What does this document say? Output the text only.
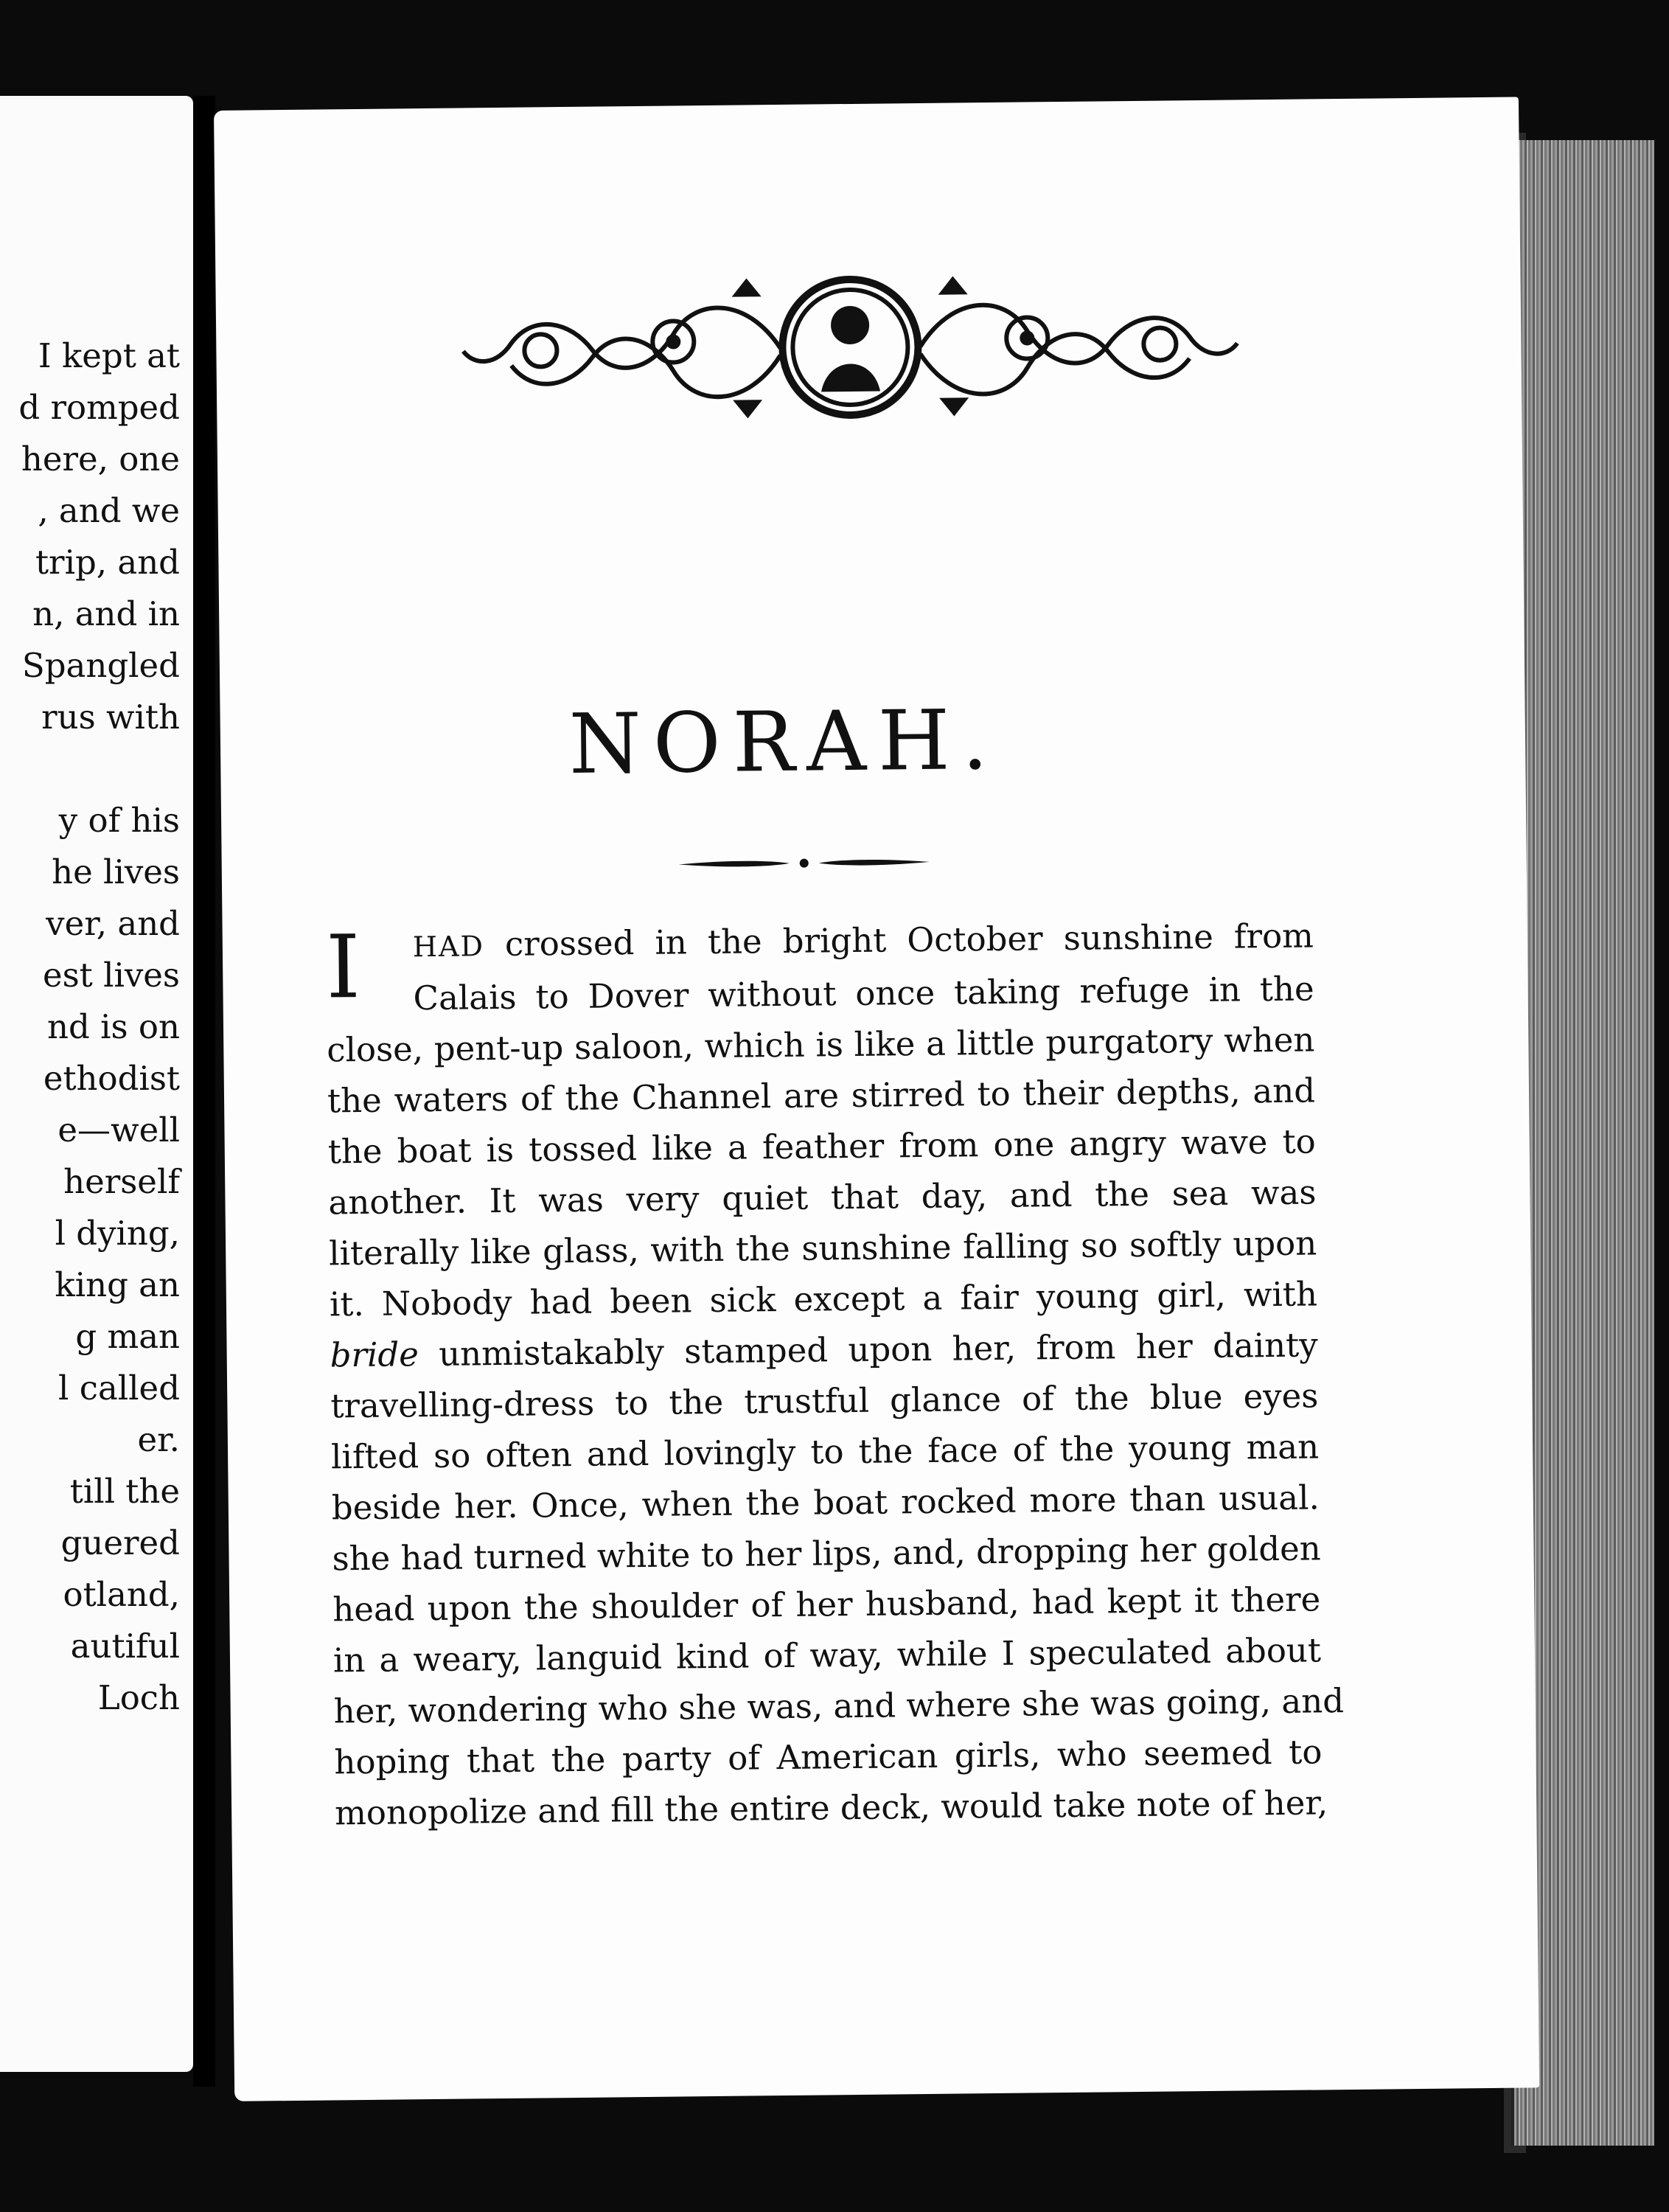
I kept at
d romped
here, one
, and we
trip, and
n, and in
Spangled
rus with
y of his
he lives
ver, and
est lives
nd is on
ethodist
e—well
herself
l dying,
king an
g man
l called
er.
till the
guered
otland,
autiful
Loch
NORAH.
I	HAD crossed in the bright October sunshine from
Calais to Dover without once taking refuge in the
close, pent-up saloon, which is like a little purgatory when
the waters of the Channel are stirred to their depths, and
the boat is tossed like a feather from one angry wave to
another. It was very quiet that day, and the sea was
literally like glass, with the sunshine falling so softly upon
it. Nobody had been sick except a fair young girl, with
bride unmistakably stamped upon her, from her dainty
travelling-dress to the trustful glance of the blue eyes
lifted so often and lovingly to the face of the young man
beside her. Once, when the boat rocked more than usual.
she had turned white to her lips, and, dropping her golden
head upon the shoulder of her husband, had kept it there
in a weary, languid kind of way, while I speculated about
her, wondering who she was, and where she was going, and
hoping that the party of American girls, who seemed to
monopolize and fill the entire deck, would take note of her,
